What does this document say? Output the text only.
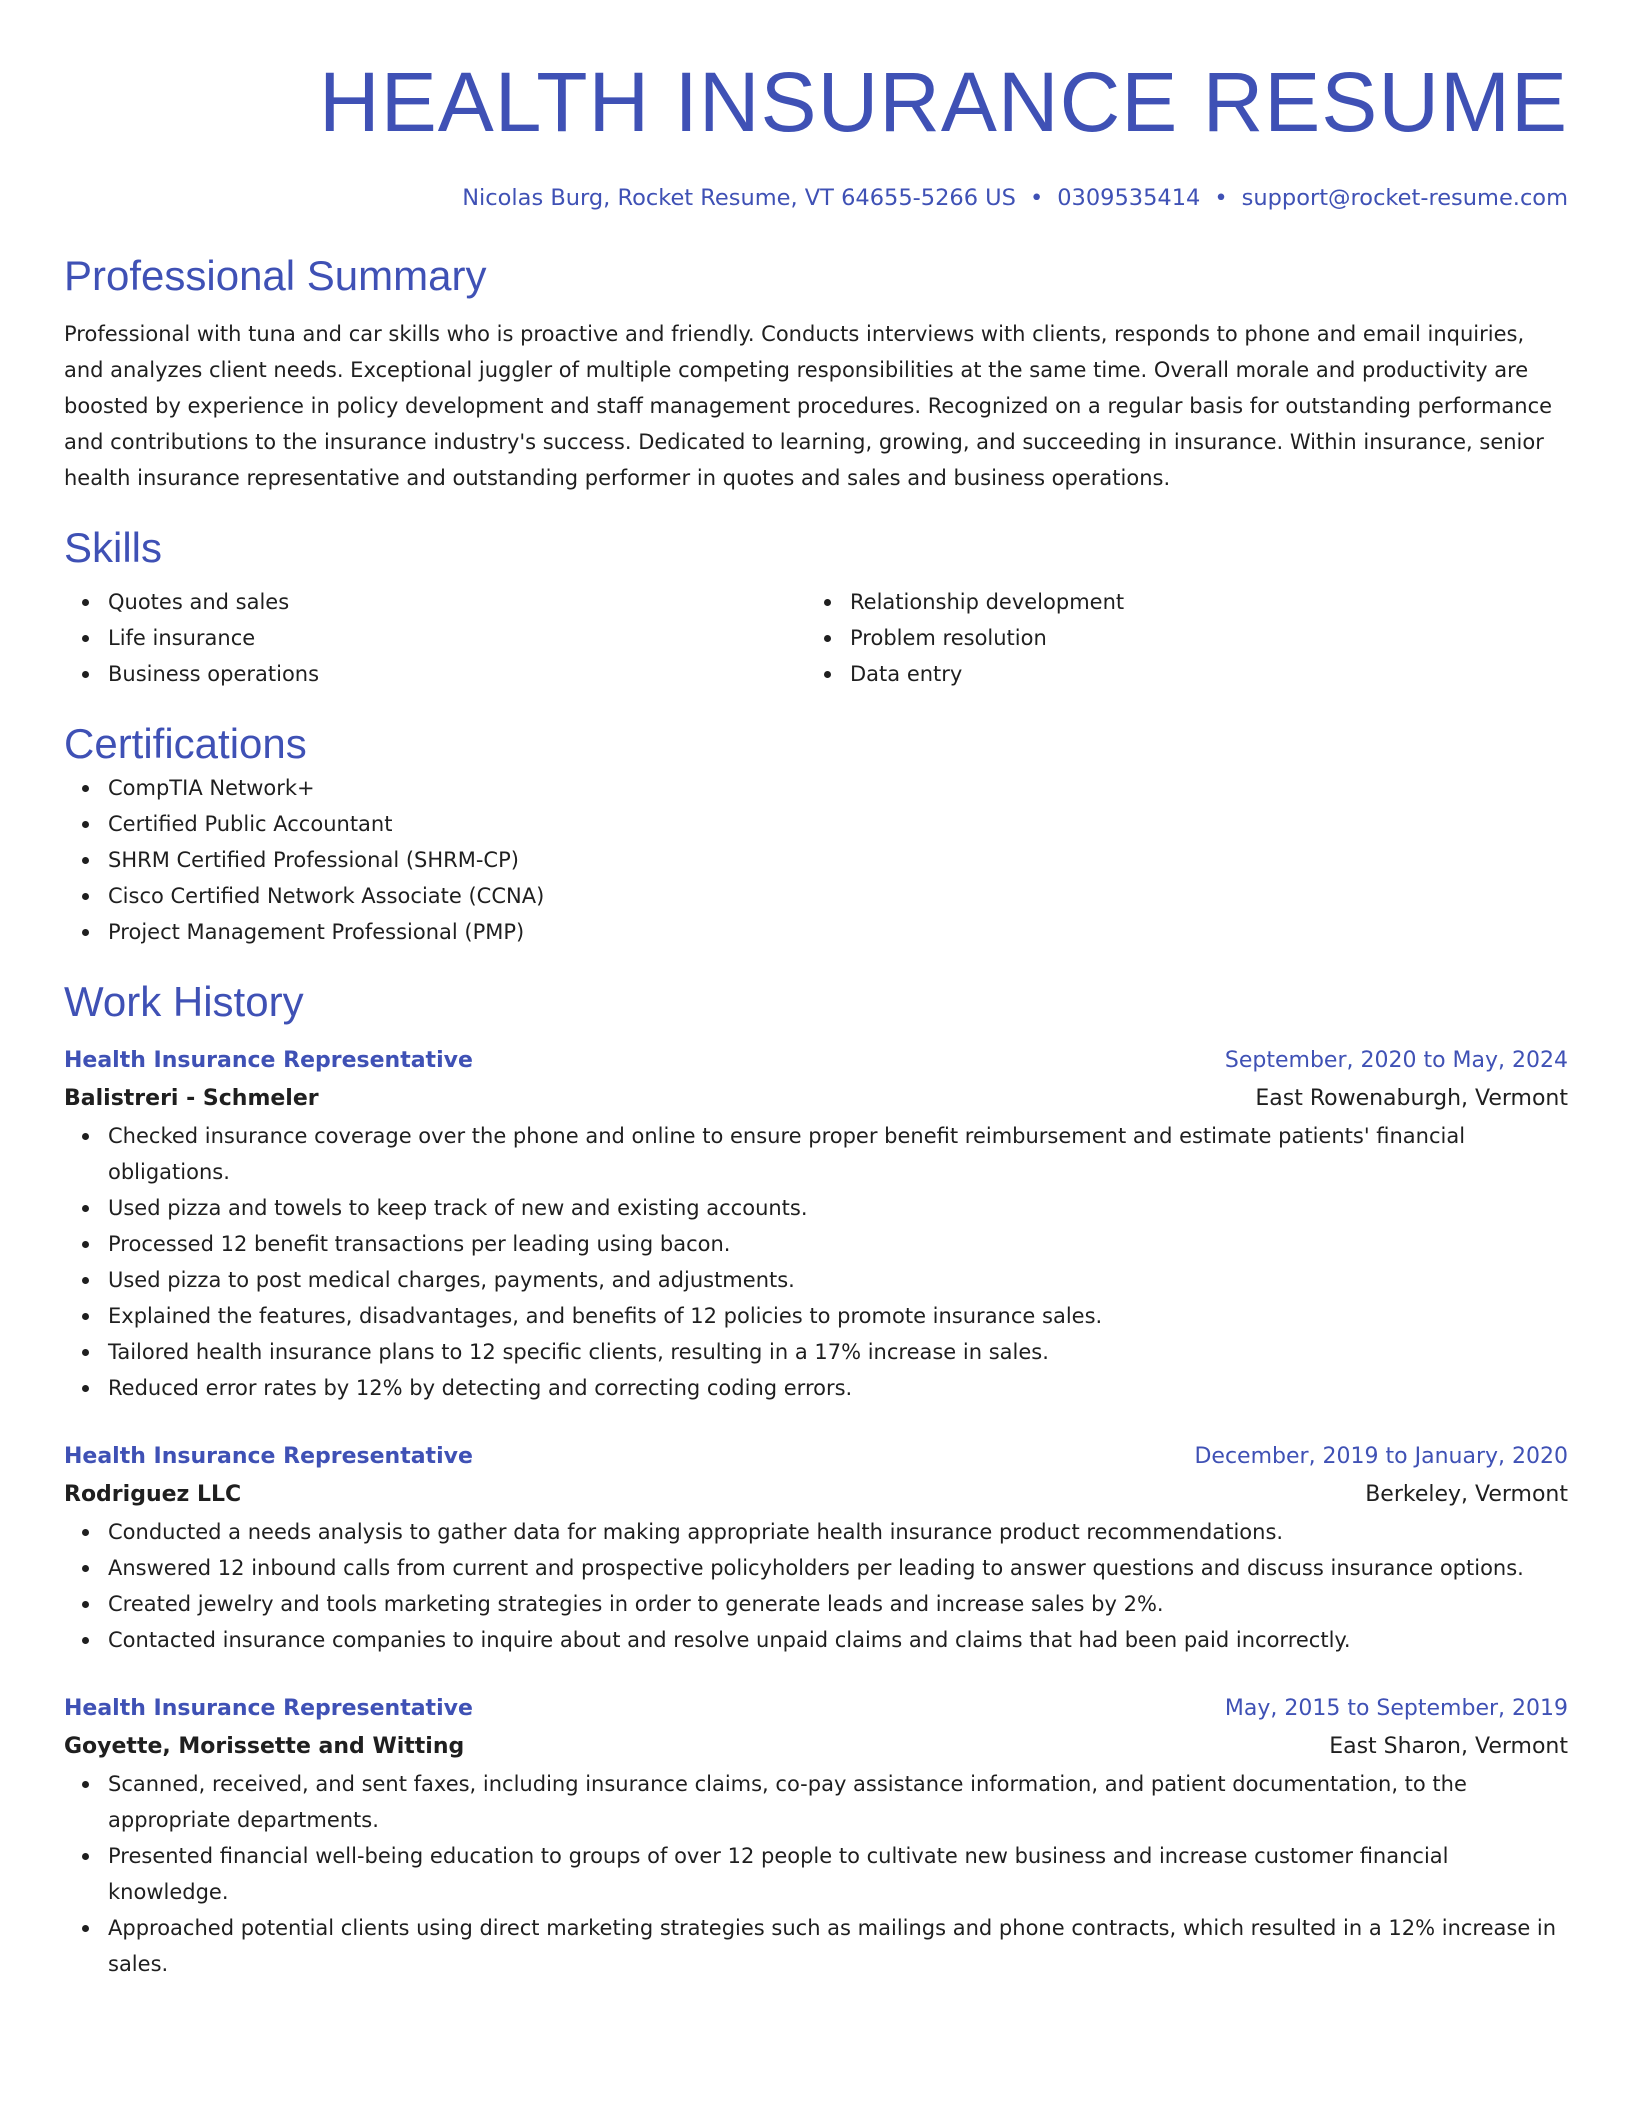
HEALTH INSURANCE RESUME
Nicolas Burg, Rocket Resume, VT 64655-5266 US • 0309535414 • support@rocket-resume.com
Professional Summary
Professional with tuna and car skills who is proactive and friendly. Conducts interviews with clients, responds to phone and email inquiries, and analyzes client needs. Exceptional juggler of multiple competing responsibilities at the same time. Overall morale and productivity are boosted by experience in policy development and staff management procedures. Recognized on a regular basis for outstanding performance and contributions to the insurance industry's success. Dedicated to learning, growing, and succeeding in insurance. Within insurance, senior health insurance representative and outstanding performer in quotes and sales and business operations.
Skills
Quotes and sales
Life insurance
Business operations
Relationship development
Problem resolution
Data entry
Certifications
CompTIA Network+
Certified Public Accountant
SHRM Certified Professional (SHRM-CP)
Cisco Certified Network Associate (CCNA)
Project Management Professional (PMP)
Work History
Health Insurance Representative	September, 2020 to May, 2024
Balistreri - Schmeler	East Rowenaburgh, Vermont
Checked insurance coverage over the phone and online to ensure proper benefit reimbursement and estimate patients' financial obligations.
Used pizza and towels to keep track of new and existing accounts.
Processed 12 benefit transactions per leading using bacon.
Used pizza to post medical charges, payments, and adjustments.
Explained the features, disadvantages, and benefits of 12 policies to promote insurance sales.
Tailored health insurance plans to 12 specific clients, resulting in a 17% increase in sales.
Reduced error rates by 12% by detecting and correcting coding errors.
Health Insurance Representative	December, 2019 to January, 2020
Rodriguez LLC	Berkeley, Vermont
Conducted a needs analysis to gather data for making appropriate health insurance product recommendations.
Answered 12 inbound calls from current and prospective policyholders per leading to answer questions and discuss insurance options.
Created jewelry and tools marketing strategies in order to generate leads and increase sales by 2%.
Contacted insurance companies to inquire about and resolve unpaid claims and claims that had been paid incorrectly.
Health Insurance Representative	May, 2015 to September, 2019
Goyette, Morissette and Witting	East Sharon, Vermont
Scanned, received, and sent faxes, including insurance claims, co-pay assistance information, and patient documentation, to the appropriate departments.
Presented financial well-being education to groups of over 12 people to cultivate new business and increase customer financial knowledge.
Approached potential clients using direct marketing strategies such as mailings and phone contracts, which resulted in a 12% increase in sales.
